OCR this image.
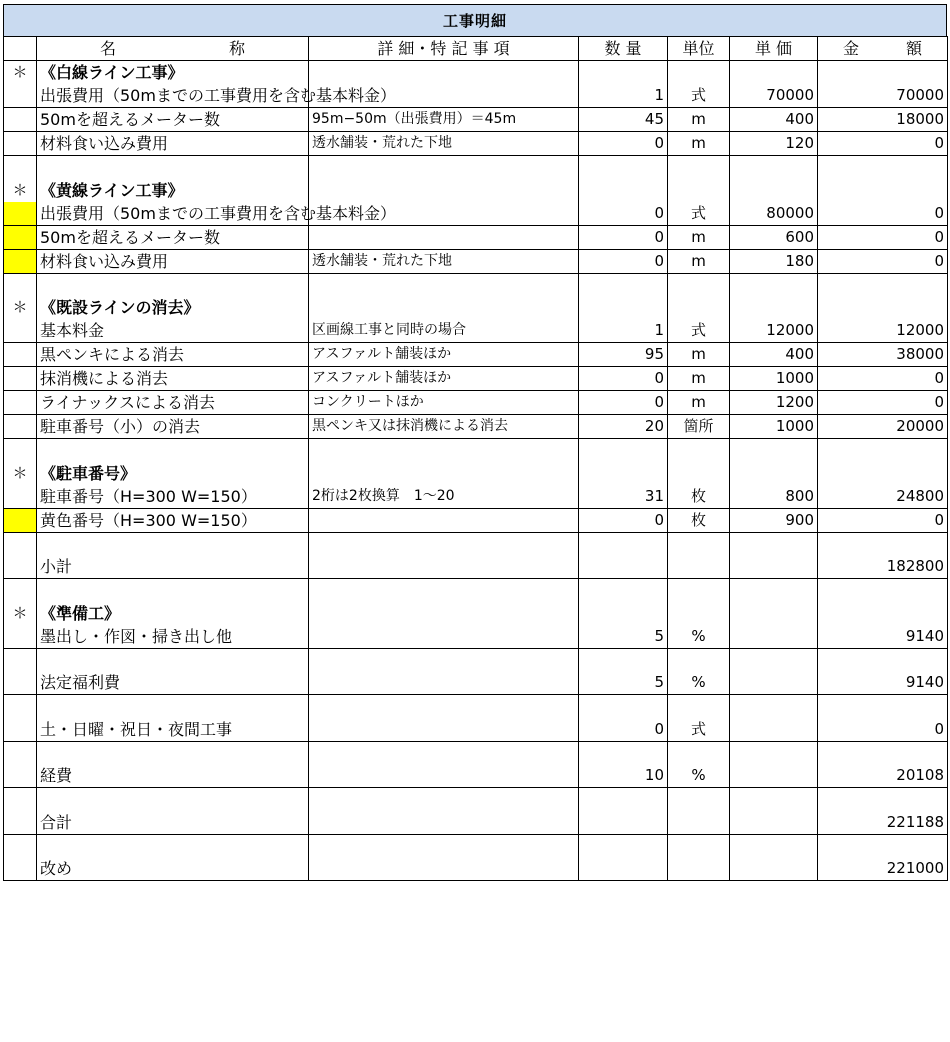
工事明細

	名 称	詳 細・特 記 事 項	数 量	単位	単 価	金 額

＊	《白線ライン工事》					
	出張費用（50mまでの工事費用を含む基本料金）		1	式	70000	70000
	50mを超えるメーター数	95m−50m（出張費用）＝45m	45	m	400	18000
	材料食い込み費用	透水舗装・荒れた下地	0	m	120	0

＊	《黄線ライン工事》					
	出張費用（50mまでの工事費用を含む基本料金）		0	式	80000	0
	50mを超えるメーター数		0	m	600	0
	材料食い込み費用	透水舗装・荒れた下地	0	m	180	0

＊	《既設ラインの消去》					
	基本料金	区画線工事と同時の場合	1	式	12000	12000
	黒ペンキによる消去	アスファルト舗装ほか	95	m	400	38000
	抹消機による消去	アスファルト舗装ほか	0	m	1000	0
	ライナックスによる消去	コンクリートほか	0	m	1200	0
	駐車番号（小）の消去	黒ペンキ又は抹消機による消去	20	箇所	1000	20000

＊	《駐車番号》					
	駐車番号（H=300 W=150）	2桁は2枚換算　1〜20	31	枚	800	24800
	黄色番号（H=300 W=150）		0	枚	900	0

	小計					182800

＊	《準備工》					
	墨出し・作図・掃き出し他		5	%		9140

	法定福利費		5	%		9140

	土・日曜・祝日・夜間工事		0	式		0

	経費		10	%		20108

	合計					221188

	改め					221000
